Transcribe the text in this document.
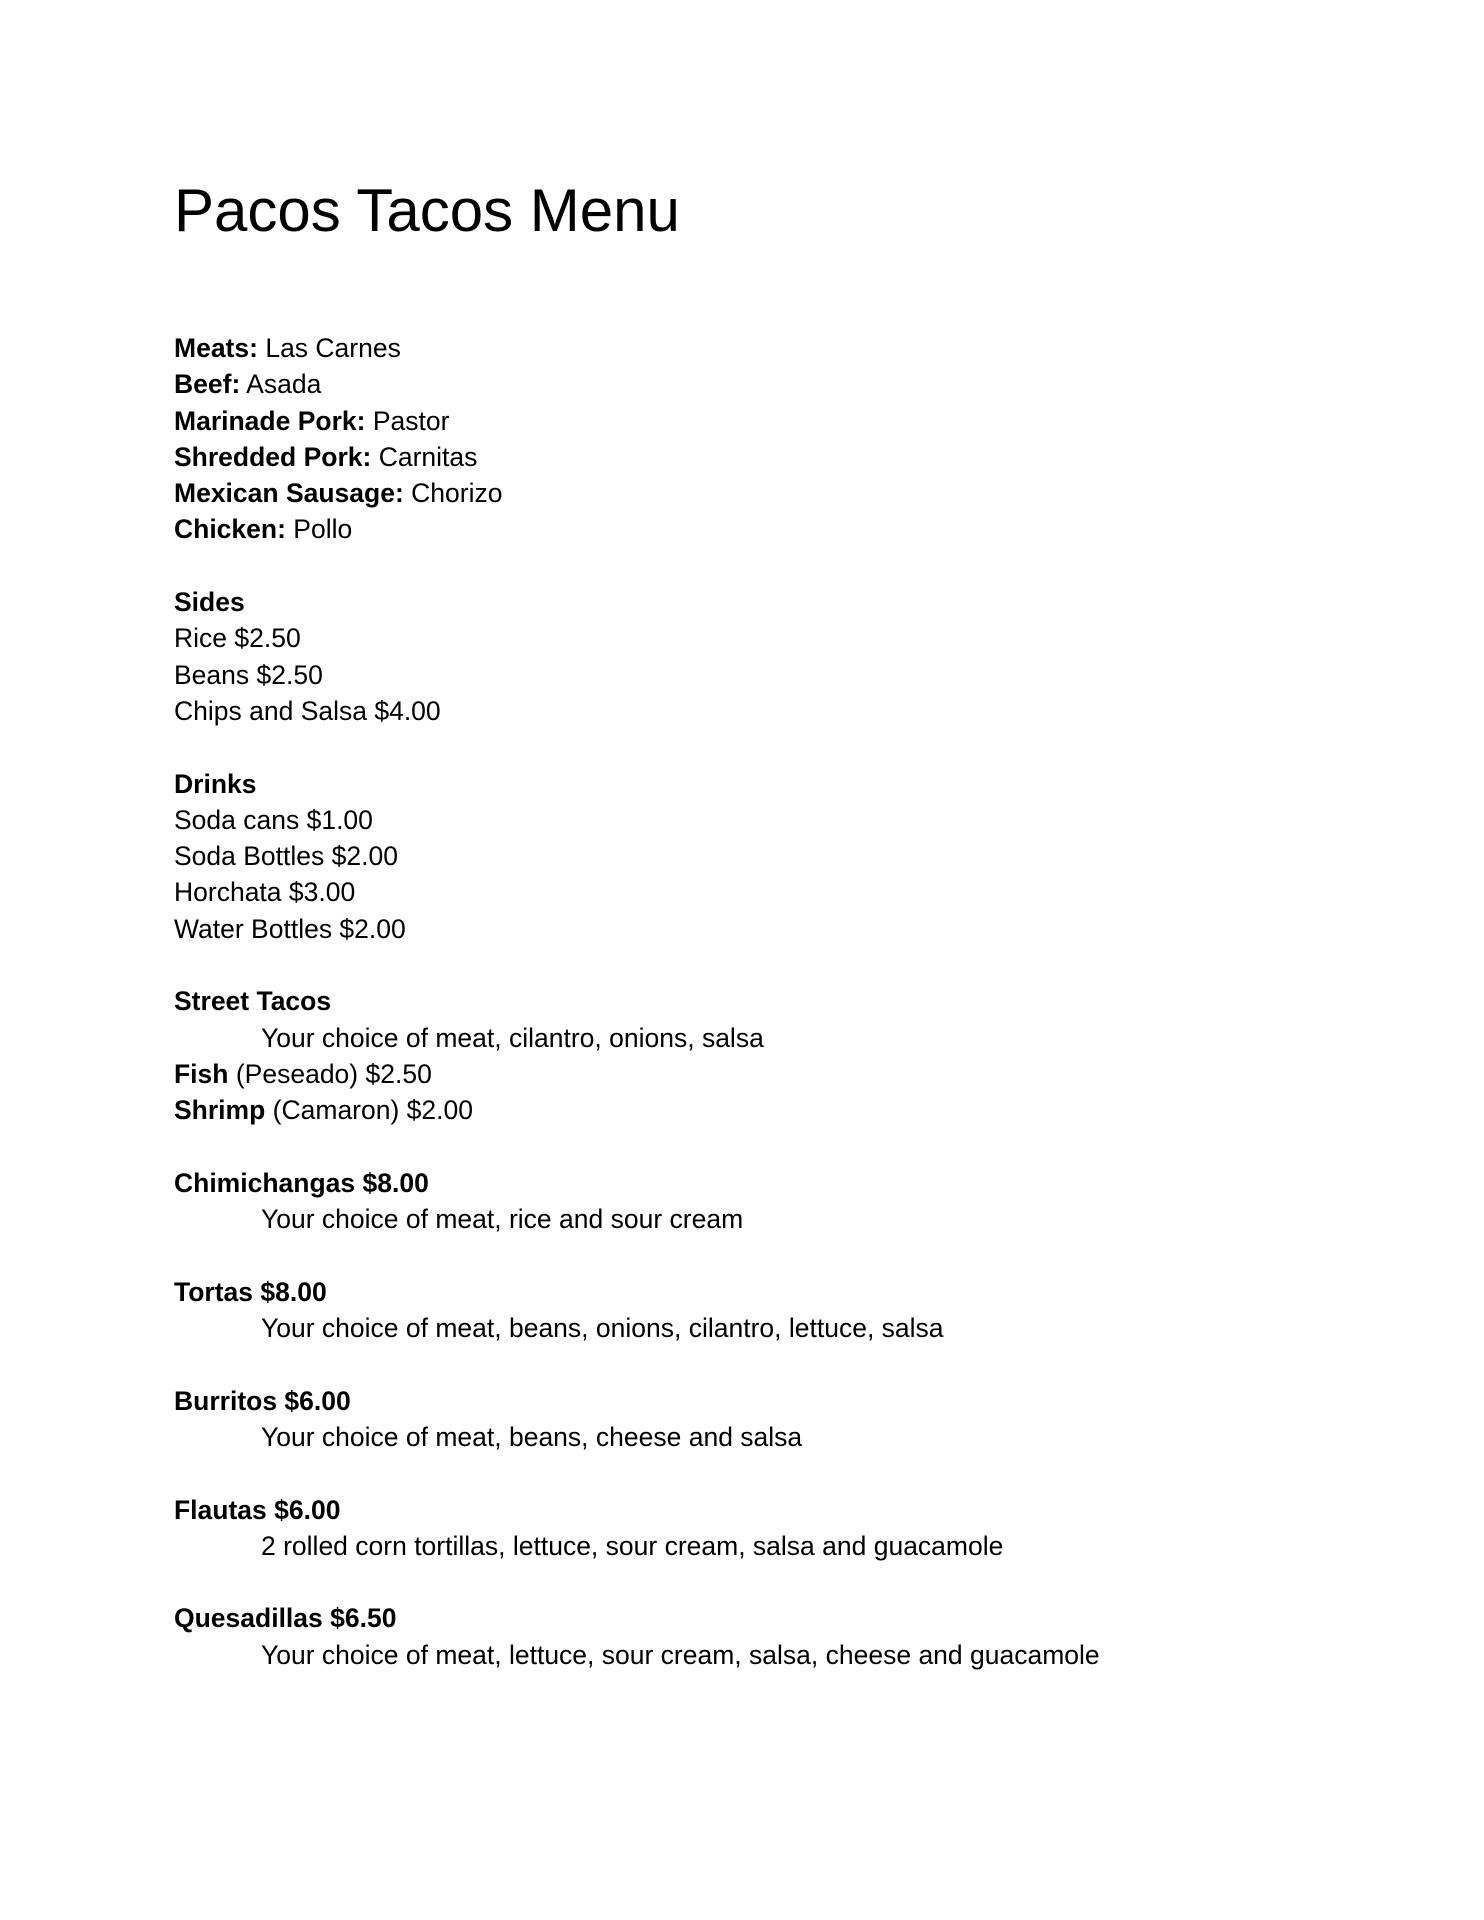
Pacos Tacos Menu
Meats: Las Carnes
Beef: Asada
Marinade Pork: Pastor
Shredded Pork: Carnitas
Mexican Sausage: Chorizo
Chicken: Pollo
Sides
Rice $2.50
Beans $2.50
Chips and Salsa $4.00
Drinks
Soda cans $1.00
Soda Bottles $2.00
Horchata $3.00
Water Bottles $2.00
Street Tacos
Your choice of meat, cilantro, onions, salsa
Fish (Peseado) $2.50
Shrimp (Camaron) $2.00
Chimichangas $8.00
Your choice of meat, rice and sour cream
Tortas $8.00
Your choice of meat, beans, onions, cilantro, lettuce, salsa
Burritos $6.00
Your choice of meat, beans, cheese and salsa
Flautas $6.00
2 rolled corn tortillas, lettuce, sour cream, salsa and guacamole
Quesadillas $6.50
Your choice of meat, lettuce, sour cream, salsa, cheese and guacamole
